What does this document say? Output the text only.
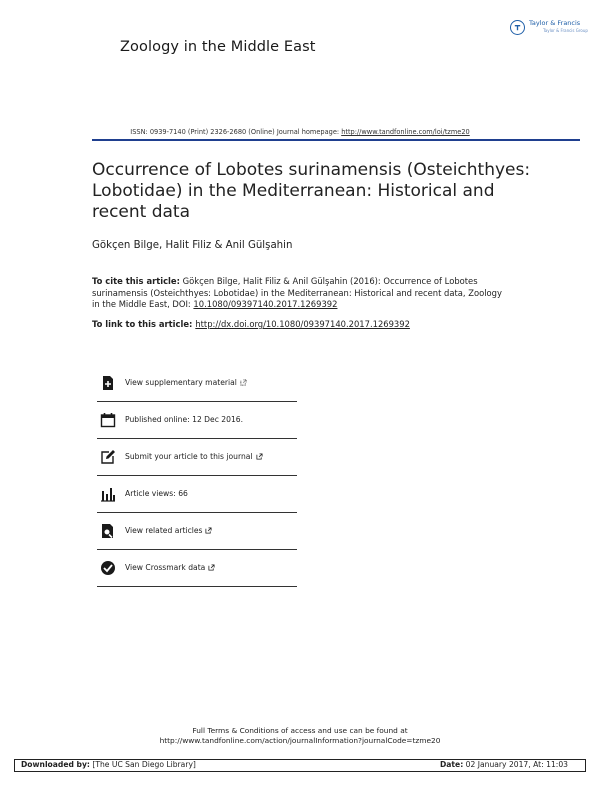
Zoology in the Middle East
Taylor & Francis
Taylor & Francis Group
ISSN: 0939-7140 (Print) 2326-2680 (Online) Journal homepage: http://www.tandfonline.com/loi/tzme20
Occurrence of Lobotes surinamensis (Osteichthyes: Lobotidae) in the Mediterranean: Historical and recent data
Gökçen Bilge, Halit Filiz & Anil Gülşahin
To cite this article: Gökçen Bilge, Halit Filiz & Anil Gülşahin (2016): Occurrence of Lobotes surinamensis (Osteichthyes: Lobotidae) in the Mediterranean: Historical and recent data, Zoology in the Middle East, DOI: 10.1080/09397140.2017.1269392
To link to this article: http://dx.doi.org/10.1080/09397140.2017.1269392
View supplementary material
Published online: 12 Dec 2016.
Submit your article to this journal
Article views: 66
View related articles
View Crossmark data
Full Terms & Conditions of access and use can be found at
http://www.tandfonline.com/action/journalInformation?journalCode=tzme20
Downloaded by: [The UC San Diego Library]	Date: 02 January 2017, At: 11:03
